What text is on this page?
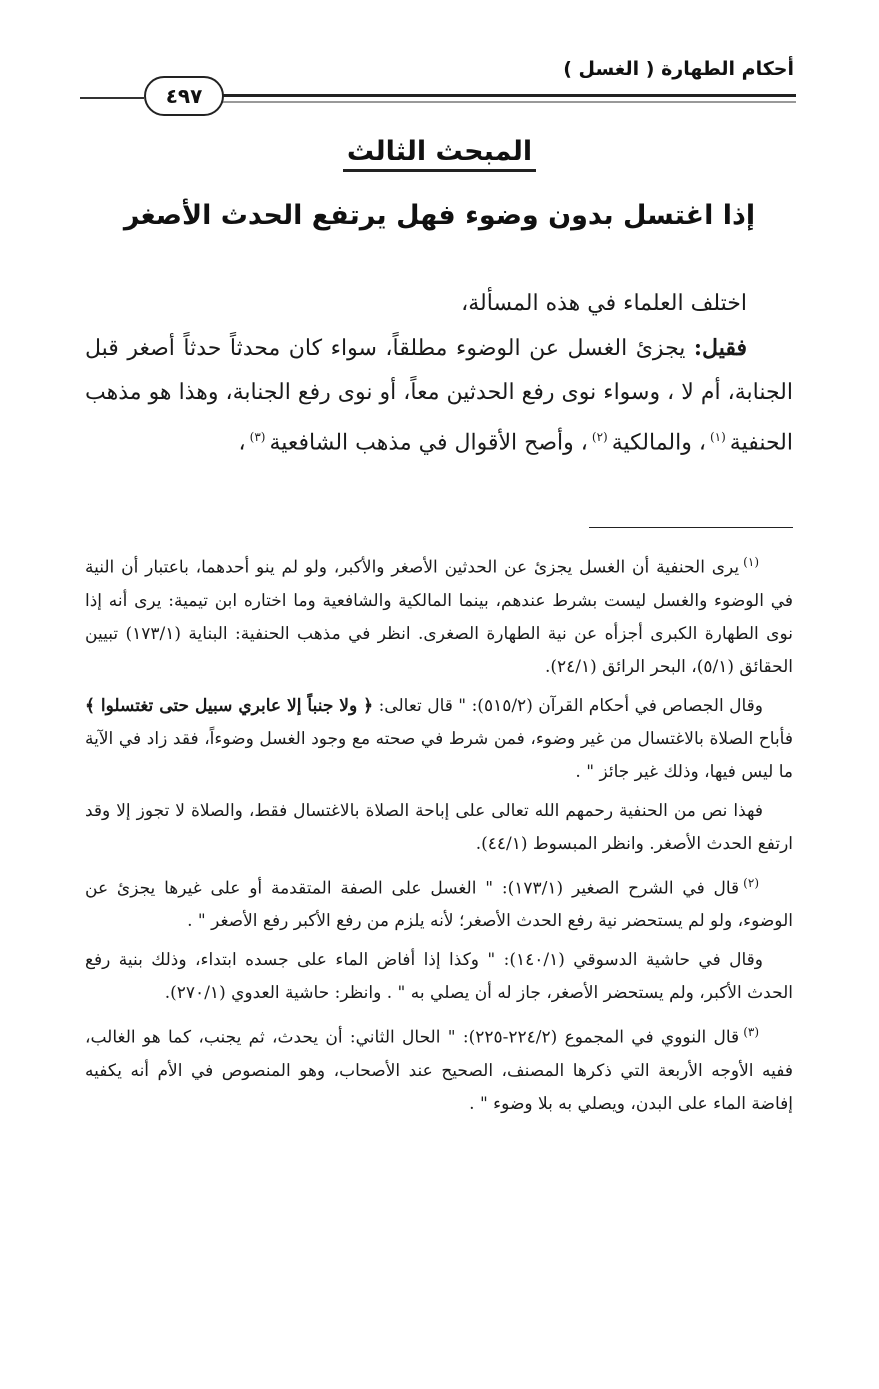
أحكام الطهارة ( الغسل )
٤٩٧
المبحث الثالث
إذا اغتسل بدون وضوء فهل يرتفع الحدث الأصغر

اختلف العلماء في هذه المسألة،

فقيل: يجزئ الغسل عن الوضوء مطلقاً، سواء كان محدثاً حدثاً أصغر قبل الجنابة، أم لا ، وسواء نوى رفع الحدثين معاً، أو نوى رفع الجنابة، وهذا هو مذهب الحنفية$^{(١)}$، والمالكية$^{(٢)}$، وأصح الأقوال في مذهب الشافعية$^{(٣)}$،

$^{(١)}$يرى الحنفية أن الغسل يجزئ عن الحدثين الأصغر والأكبر، ولو لم ينو أحدهما، باعتبار أن النية في الوضوء والغسل ليست بشرط عندهم، بينما المالكية والشافعية وما اختاره ابن تيمية: يرى أنه إذا نوى الطهارة الكبرى أجزأه عن نية الطهارة الصغرى. انظر في مذهب الحنفية: البناية (١٧٣/١) تبيين الحقائق (٥/١)، البحر الرائق (٢٤/١).

وقال الجصاص في أحكام القرآن (٥١٥/٢): " قال تعالى: ﴿ ولا جنباً إلا عابري سبيل حتى تغتسلوا ﴾ فأباح الصلاة بالاغتسال من غير وضوء، فمن شرط في صحته مع وجود الغسل وضوءاً، فقد زاد في الآية ما ليس فيها، وذلك غير جائز " .

فهذا نص من الحنفية رحمهم الله تعالى على إباحة الصلاة بالاغتسال فقط، والصلاة لا تجوز إلا وقد ارتفع الحدث الأصغر. وانظر المبسوط (٤٤/١).

$^{(٢)}$قال في الشرح الصغير (١٧٣/١): " الغسل على الصفة المتقدمة أو على غيرها يجزئ عن الوضوء، ولو لم يستحضر نية رفع الحدث الأصغر؛ لأنه يلزم من رفع الأكبر رفع الأصغر " .

وقال في حاشية الدسوقي (١٤٠/١): " وكذا إذا أفاض الماء على جسده ابتداء، وذلك بنية رفع الحدث الأكبر، ولم يستحضر الأصغر، جاز له أن يصلي به " . وانظر: حاشية العدوي (٢٧٠/١).

$^{(٣)}$قال النووي في المجموع (٢٢٤/٢-٢٢٥): " الحال الثاني: أن يحدث، ثم يجنب، كما هو الغالب، ففيه الأوجه الأربعة التي ذكرها المصنف، الصحيح عند الأصحاب، وهو المنصوص في الأم أنه يكفيه إفاضة الماء على البدن، ويصلي به بلا وضوء " .
